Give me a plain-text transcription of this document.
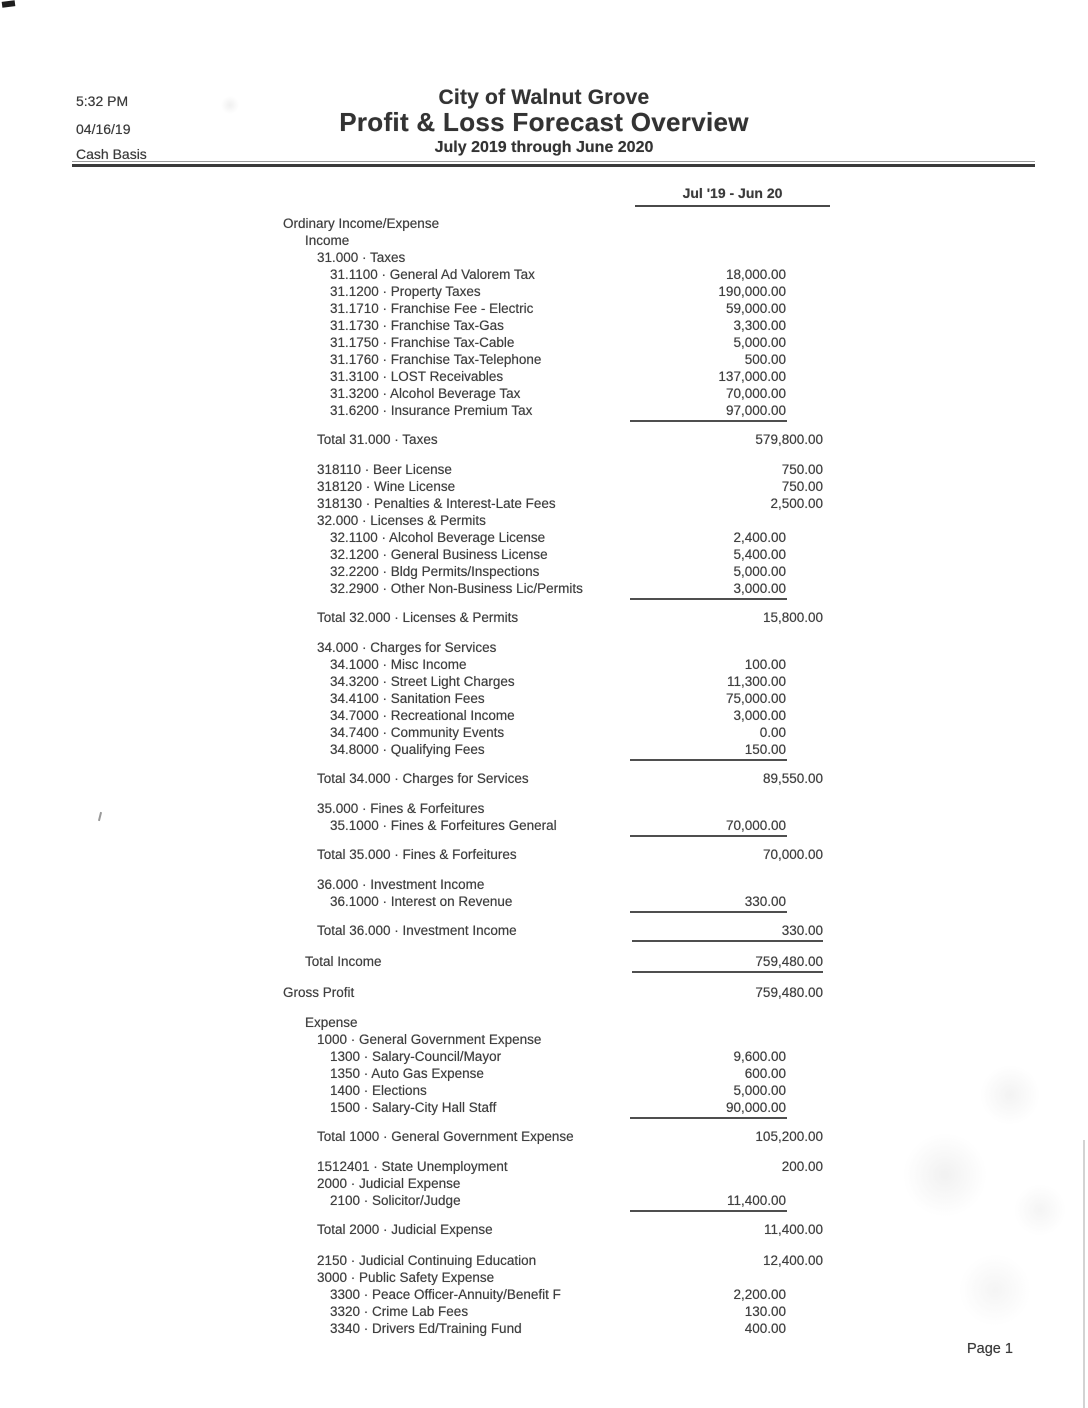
5:32 PM
04/16/19
Cash Basis
City of Walnut Grove
Profit & Loss Forecast Overview
July 2019 through June 2020
Jul '19 - Jun 20
Ordinary Income/Expense
Income
31.000 · Taxes
31.1100 · General Ad Valorem Tax	18,000.00
31.1200 · Property Taxes	190,000.00
31.1710 · Franchise Fee - Electric	59,000.00
31.1730 · Franchise Tax-Gas	3,300.00
31.1750 · Franchise Tax-Cable	5,000.00
31.1760 · Franchise Tax-Telephone	500.00
31.3100 · LOST Receivables	137,000.00
31.3200 · Alcohol Beverage Tax	70,000.00
31.6200 · Insurance Premium Tax	97,000.00
Total 31.000 · Taxes	579,800.00
318110 · Beer License	750.00
318120 · Wine License	750.00
318130 · Penalties & Interest-Late Fees	2,500.00
32.000 · Licenses & Permits
32.1100 · Alcohol Beverage License	2,400.00
32.1200 · General Business License	5,400.00
32.2200 · Bldg Permits/Inspections	5,000.00
32.2900 · Other Non-Business Lic/Permits	3,000.00
Total 32.000 · Licenses & Permits	15,800.00
34.000 · Charges for Services
34.1000 · Misc Income	100.00
34.3200 · Street Light Charges	11,300.00
34.4100 · Sanitation Fees	75,000.00
34.7000 · Recreational Income	3,000.00
34.7400 · Community Events	0.00
34.8000 · Qualifying Fees	150.00
Total 34.000 · Charges for Services	89,550.00
35.000 · Fines & Forfeitures
35.1000 · Fines & Forfeitures General	70,000.00
Total 35.000 · Fines & Forfeitures	70,000.00
36.000 · Investment Income
36.1000 · Interest on Revenue	330.00
Total 36.000 · Investment Income	330.00
Total Income	759,480.00
Gross Profit	759,480.00
Expense
1000 · General Government Expense
1300 · Salary-Council/Mayor	9,600.00
1350 · Auto Gas Expense	600.00
1400 · Elections	5,000.00
1500 · Salary-City Hall Staff	90,000.00
Total 1000 · General Government Expense	105,200.00
1512401 · State Unemployment	200.00
2000 · Judicial Expense
2100 · Solicitor/Judge	11,400.00
Total 2000 · Judicial Expense	11,400.00
2150 · Judicial Continuing Education	12,400.00
3000 · Public Safety Expense
3300 · Peace Officer-Annuity/Benefit F	2,200.00
3320 · Crime Lab Fees	130.00
3340 · Drivers Ed/Training Fund	400.00
Page 1
